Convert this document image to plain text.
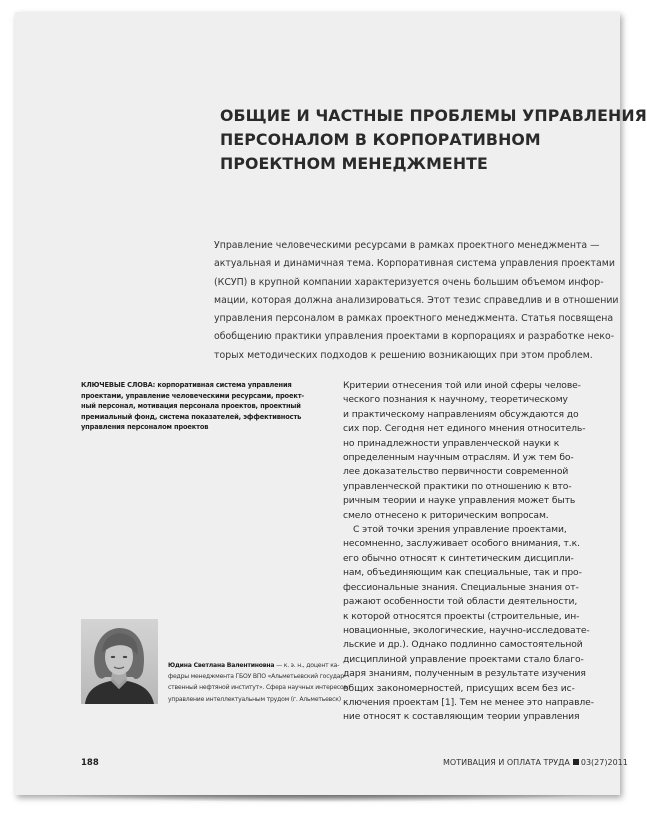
ОБЩИЕ И ЧАСТНЫЕ ПРОБЛЕМЫ УПРАВЛЕНИЯ
ПЕРСОНАЛОМ В КОРПОРАТИВНОМ
ПРОЕКТНОМ МЕНЕДЖМЕНТЕ
Управление человеческими ресурсами в рамках проектного менеджмента —
актуальная и динамичная тема. Корпоративная система управления проектами
(КСУП) в крупной компании характеризуется очень большим объемом инфор-
мации, которая должна анализироваться. Этот тезис справедлив и в отношении
управления персоналом в рамках проектного менеджмента. Статья посвящена
обобщению практики управления проектами в корпорациях и разработке неко-
торых методических подходов к решению возникающих при этом проблем.
КЛЮЧЕВЫЕ СЛОВА: корпоративная система управления
проектами, управление человеческими ресурсами, проект-
ный персонал, мотивация персонала проектов, проектный
премиальный фонд, система показателей, эффективность
управления персоналом проектов
Критерии отнесения той или иной сферы челове-
ческого познания к научному, теоретическому
и практическому направлениям обсуждаются до
сих пор. Сегодня нет единого мнения относитель-
но принадлежности управленческой науки к
определенным научным отраслям. И уж тем бо-
лее доказательство первичности современной
управленческой практики по отношению к вто-
ричным теории и науке управления может быть
смело отнесено к риторическим вопросам.
С этой точки зрения управление проектами,
несомненно, заслуживает особого внимания, т.к.
его обычно относят к синтетическим дисципли-
нам, объединяющим как специальные, так и про-
фессиональные знания. Специальные знания от-
ражают особенности той области деятельности,
к которой относятся проекты (строительные, ин-
новационные, экологические, научно-исследовате-
льские и др.). Однако подлинно самостоятельной
дисциплиной управление проектами стало благо-
даря знаниям, полученным в результате изучения
общих закономерностей, присущих всем без ис-
ключения проектам [1]. Тем не менее это направле-
ние относят к составляющим теории управления
Юдина Светлана Валентиновна — к. э. н., доцент ка-
федры менеджмента ГБОУ ВПО «Альметьевский государ-
ственный нефтяной институт». Сфера научных интересов:
управление интеллектуальным трудом (г. Альметьевск)
188	МОТИВАЦИЯ И ОПЛАТА ТРУДА 03(27)2011
